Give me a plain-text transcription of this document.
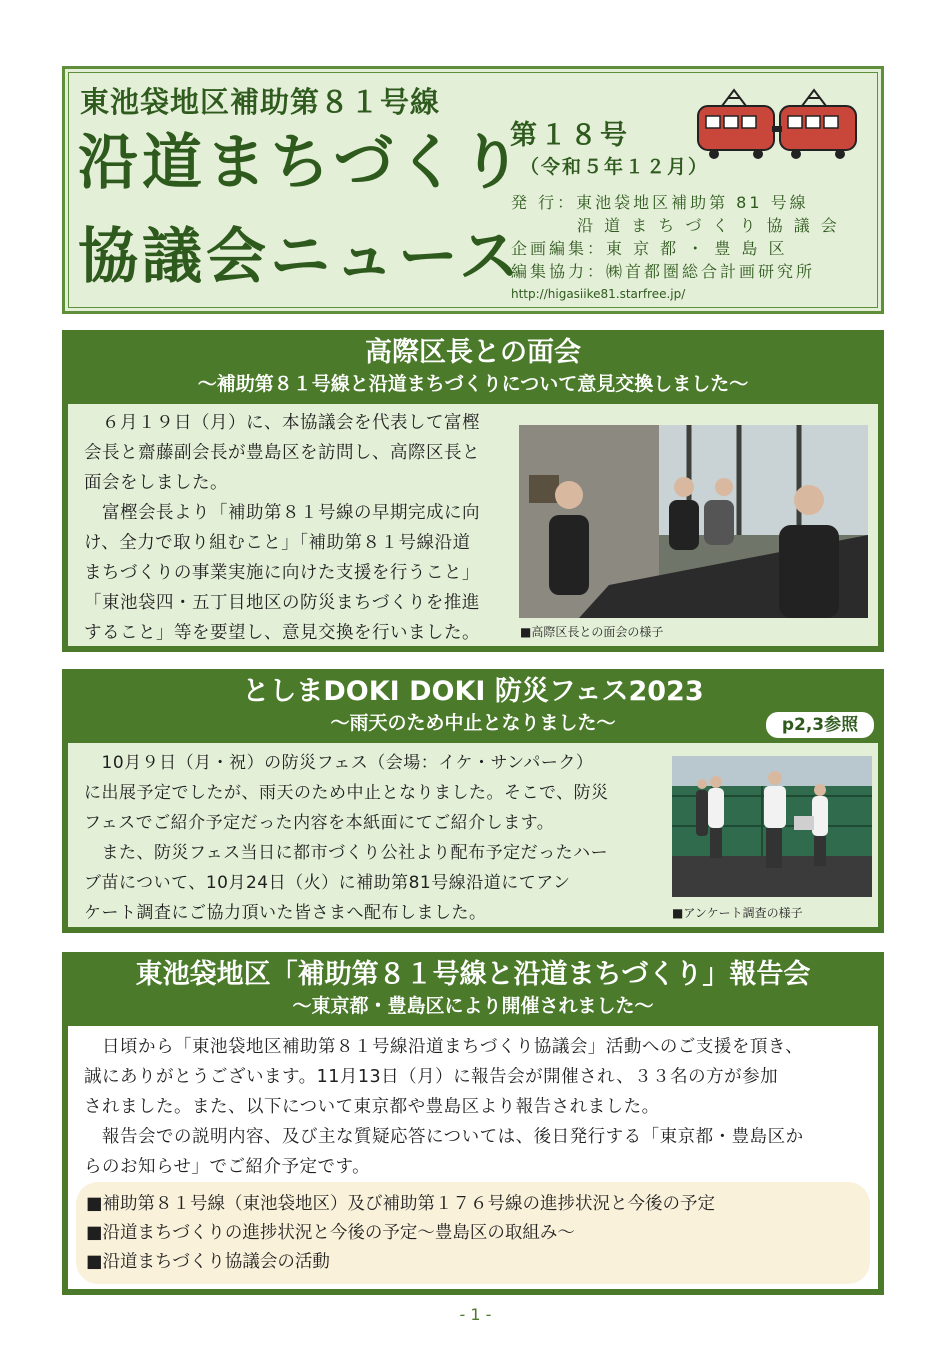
東池袋地区補助第８１号線
沿道まちづくり
協議会ニュース
第１８号
（令和５年１２月）
発 行：東池袋地区補助第 81 号線
沿 道 ま ち づ く り 協 議 会
企画編集：東 京 都 ・ 豊 島 区
編集協力：㈱首都圏総合計画研究所
http://higasiike81.starfree.jp/
高際区長との面会
～補助第８１号線と沿道まちづくりについて意見交換しました～
　６月１９日（月）に、本協議会を代表して富樫
会長と齋藤副会長が豊島区を訪問し、高際区長と
面会をしました。
　富樫会長より「補助第８１号線の早期完成に向
け、全力で取り組むこと」「補助第８１号線沿道
まちづくりの事業実施に向けた支援を行うこと」
「東池袋四・五丁目地区の防災まちづくりを推進
すること」等を要望し、意見交換を行いました。	■高際区長との面会の様子
としまDOKI DOKI 防災フェス2023
～雨天のため中止となりました～	p2,3参照
　10月９日（月・祝）の防災フェス（会場：イケ・サンパーク）
に出展予定でしたが、雨天のため中止となりました。そこで、防災
フェスでご紹介予定だった内容を本紙面にてご紹介します。
　また、防災フェス当日に都市づくり公社より配布予定だったハー
ブ苗について、10月24日（火）に補助第81号線沿道にてアン
ケート調査にご協力頂いた皆さまへ配布しました。	■アンケート調査の様子
東池袋地区「補助第８１号線と沿道まちづくり」報告会
～東京都・豊島区により開催されました～
　日頃から「東池袋地区補助第８１号線沿道まちづくり協議会」活動へのご支援を頂き、
誠にありがとうございます。11月13日（月）に報告会が開催され、３３名の方が参加
されました。また、以下について東京都や豊島区より報告されました。
　報告会での説明内容、及び主な質疑応答については、後日発行する「東京都・豊島区か
らのお知らせ」でご紹介予定です。
■補助第８１号線（東池袋地区）及び補助第１７６号線の進捗状況と今後の予定
■沿道まちづくりの進捗状況と今後の予定～豊島区の取組み～
■沿道まちづくり協議会の活動
- 1 -
